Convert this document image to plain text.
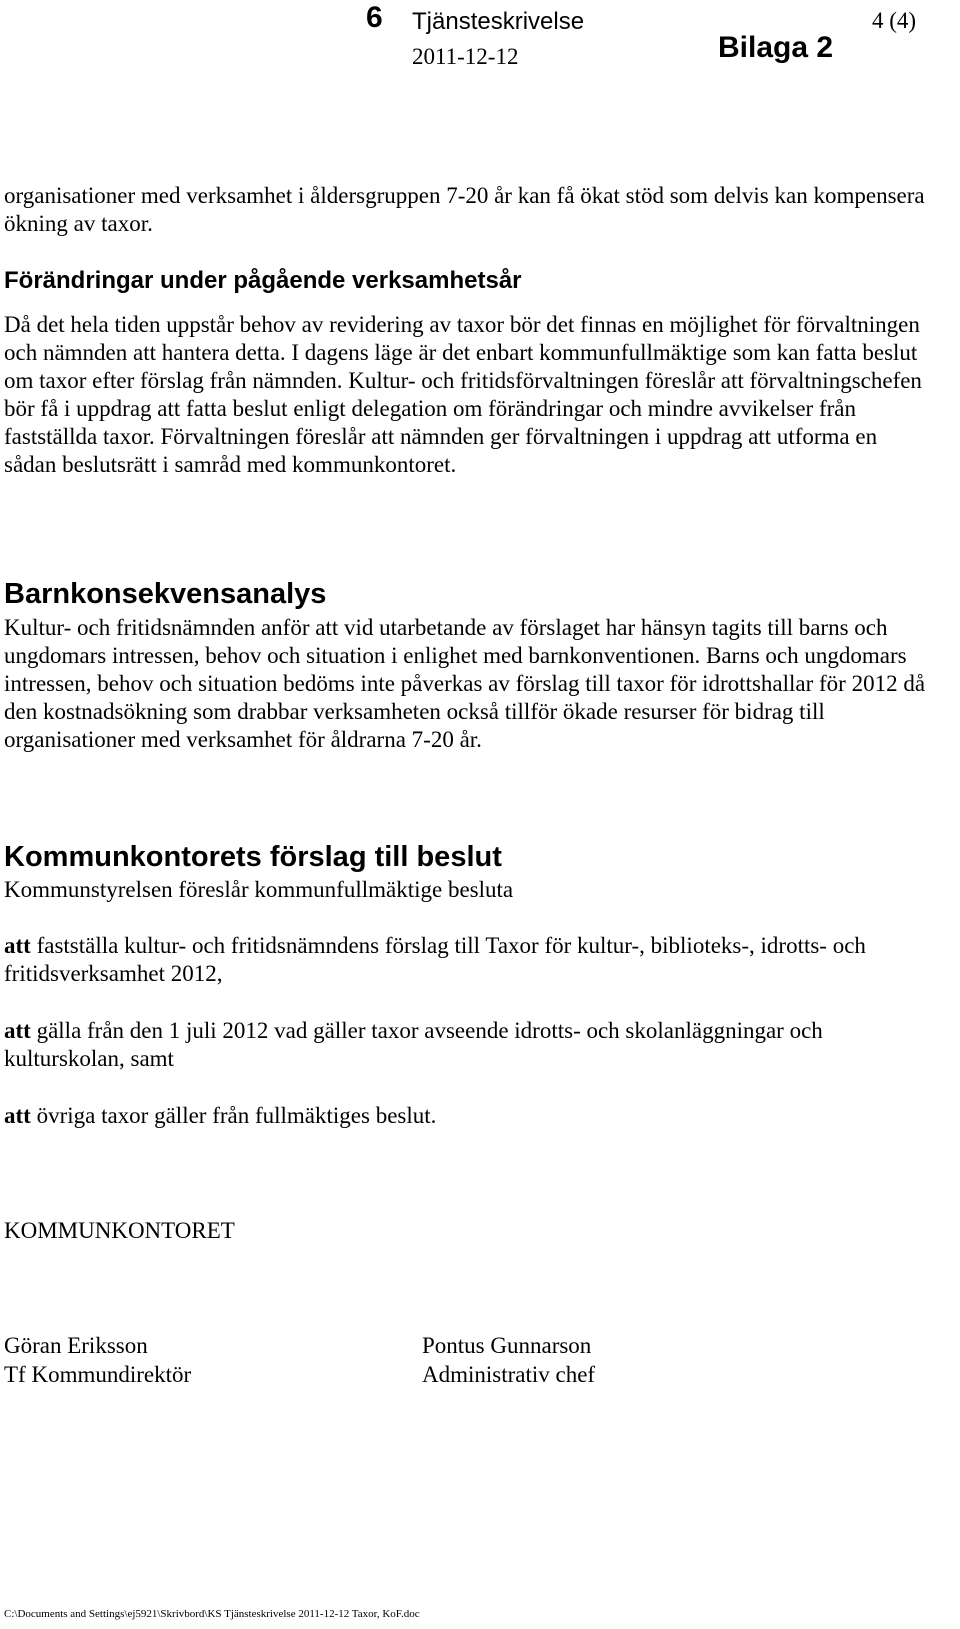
6 Tjänsteskrivelse	4 (4)
2011-12-12	Bilaga 2

organisationer med verksamhet i åldersgruppen 7-20 år kan få ökat stöd som delvis kan kompensera ökning av taxor.

Förändringar under pågående verksamhetsår

Då det hela tiden uppstår behov av revidering av taxor bör det finnas en möjlighet för förvaltningen och nämnden att hantera detta. I dagens läge är det enbart kommunfullmäktige som kan fatta beslut om taxor efter förslag från nämnden. Kultur- och fritidsförvaltningen föreslår att förvaltningschefen bör få i uppdrag att fatta beslut enligt delegation om förändringar och mindre avvikelser från fastställda taxor. Förvaltningen föreslår att nämnden ger förvaltningen i uppdrag att utforma en sådan beslutsrätt i samråd med kommunkontoret.

Barnkonsekvensanalys

Kultur- och fritidsnämnden anför att vid utarbetande av förslaget har hänsyn tagits till barns och ungdomars intressen, behov och situation i enlighet med barnkonventionen. Barns och ungdomars intressen, behov och situation bedöms inte påverkas av förslag till taxor för idrottshallar för 2012 då den kostnadsökning som drabbar verksamheten också tillför ökade resurser för bidrag till organisationer med verksamhet för åldrarna 7-20 år.

Kommunkontorets förslag till beslut

Kommunstyrelsen föreslår kommunfullmäktige besluta

att fastställa kultur- och fritidsnämndens förslag till Taxor för kultur-, biblioteks-, idrotts- och fritidsverksamhet 2012,

att gälla från den 1 juli 2012 vad gäller taxor avseende idrotts- och skolanläggningar och kulturskolan, samt

att övriga taxor gäller från fullmäktiges beslut.

KOMMUNKONTORET
Göran Eriksson
Tf Kommundirektör
Pontus Gunnarson
Administrativ chef
C:\Documents and Settings\ej5921\Skrivbord\KS Tjänsteskrivelse 2011-12-12 Taxor, KoF.doc
